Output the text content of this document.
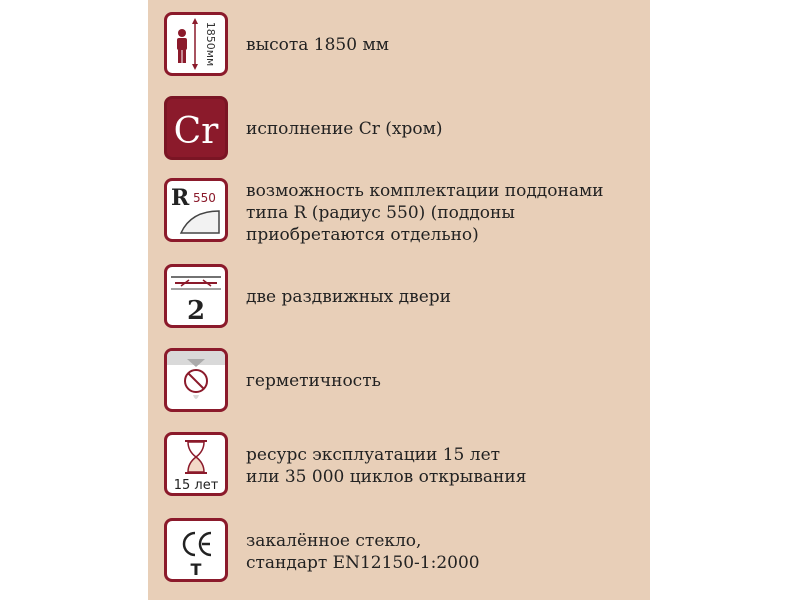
1850мм высота 1850 мм
Cr исполнение Cr (хром)
R 550 возможность комплектации поддонами
типа R (радиус 550) (поддоны
приобретаются отдельно)
2 две раздвижных двери
герметичность
15 лет
ресурс эксплуатации 15 лет
или 35 000 циклов открывания
T
закалённое стекло,
стандарт EN12150-1:2000
